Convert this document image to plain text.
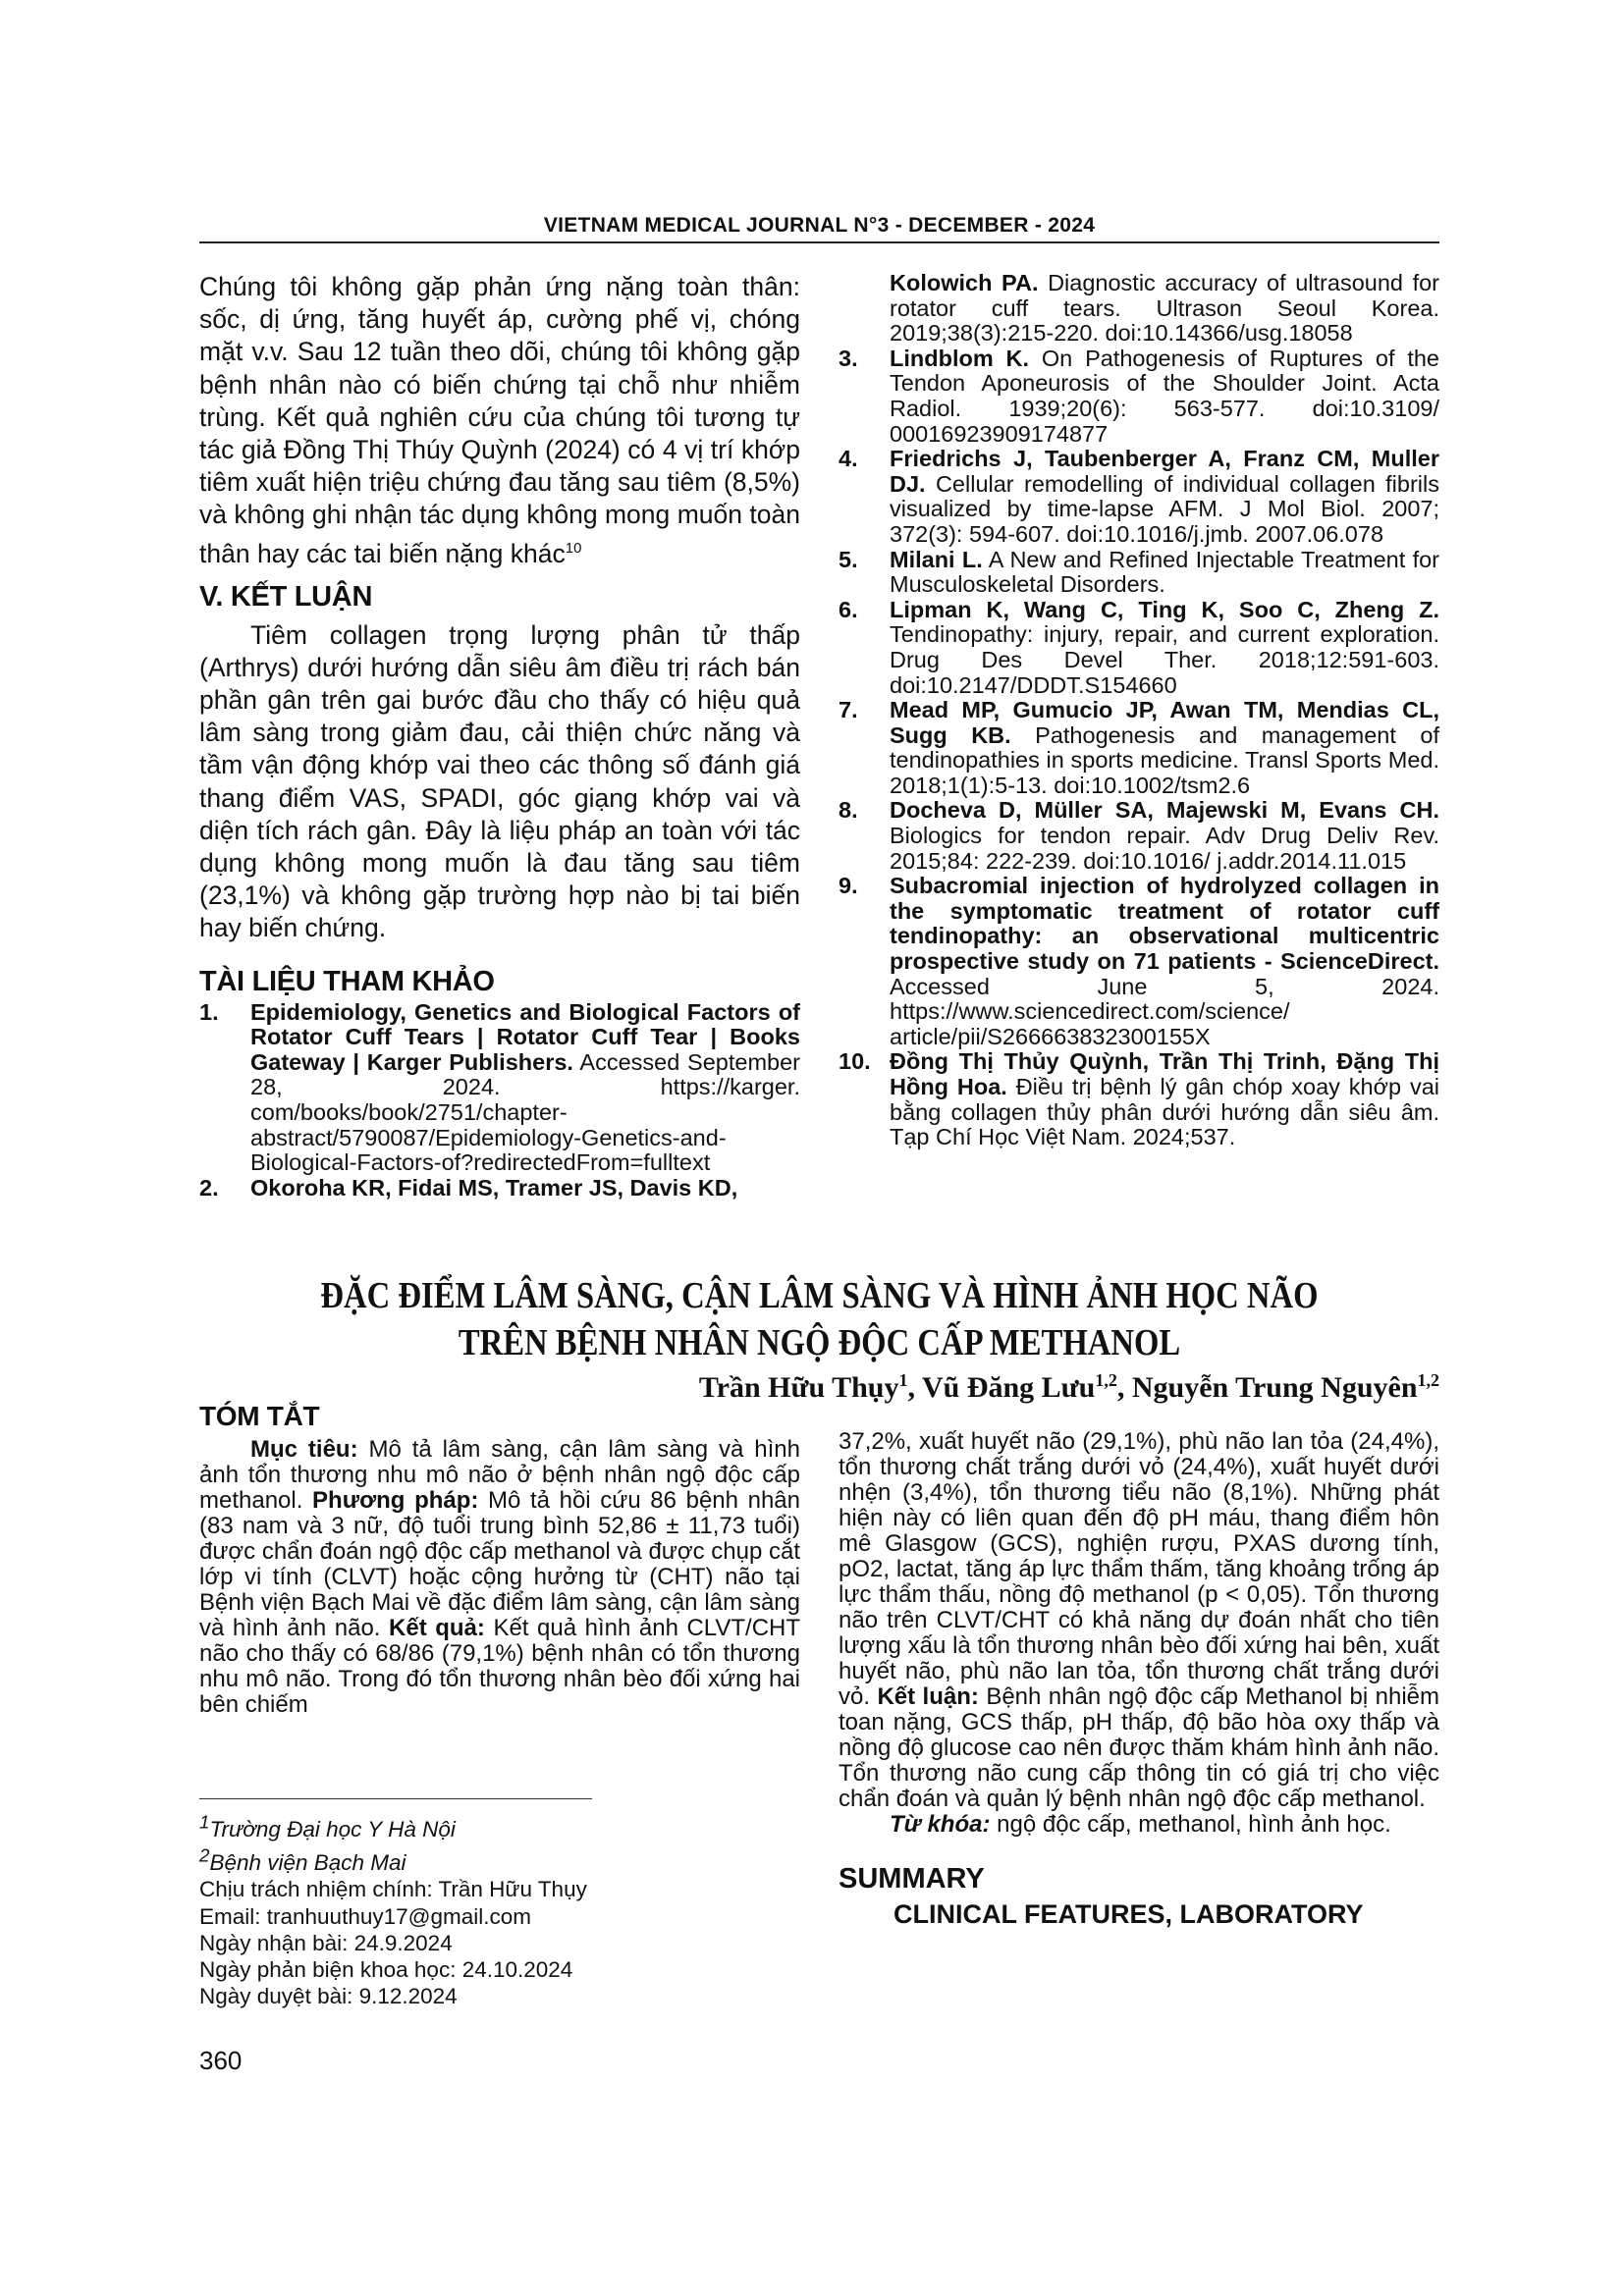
VIETNAM MEDICAL JOURNAL N°3 - DECEMBER - 2024

Chúng tôi không gặp phản ứng nặng toàn thân: sốc, dị ứng, tăng huyết áp, cường phế vị, chóng mặt v.v. Sau 12 tuần theo dõi, chúng tôi không gặp bệnh nhân nào có biến chứng tại chỗ như nhiễm trùng. Kết quả nghiên cứu của chúng tôi tương tự tác giả Đồng Thị Thúy Quỳnh (2024) có 4 vị trí khớp tiêm xuất hiện triệu chứng đau tăng sau tiêm (8,5%) và không ghi nhận tác dụng không mong muốn toàn thân hay các tai biến nặng khác$^{10}$

V. KẾT LUẬN

Tiêm collagen trọng lượng phân tử thấp (Arthrys) dưới hướng dẫn siêu âm điều trị rách bán phần gân trên gai bước đầu cho thấy có hiệu quả lâm sàng trong giảm đau, cải thiện chức năng và tầm vận động khớp vai theo các thông số đánh giá thang điểm VAS, SPADI, góc giạng khớp vai và diện tích rách gân. Đây là liệu pháp an toàn với tác dụng không mong muốn là đau tăng sau tiêm (23,1%) và không gặp trường hợp nào bị tai biến hay biến chứng.

TÀI LIỆU THAM KHẢO
1. Epidemiology, Genetics and Biological Factors of Rotator Cuff Tears | Rotator Cuff Tear | Books Gateway | Karger Publishers. Accessed September 28, 2024. https://karger. com/books/book/2751/chapter-abstract/5790087/Epidemiology-Genetics-and-Biological-Factors-of?redirectedFrom=fulltext
2. Okoroha KR, Fidai MS, Tramer JS, Davis KD,
Kolowich PA. Diagnostic accuracy of ultrasound for rotator cuff tears. Ultrason Seoul Korea. 2019;38(3):215-220. doi:10.14366/usg.18058
3. Lindblom K. On Pathogenesis of Ruptures of the Tendon Aponeurosis of the Shoulder Joint. Acta Radiol. 1939;20(6): 563-577. doi:10.3109/ 00016923909174877
4. Friedrichs J, Taubenberger A, Franz CM, Muller DJ. Cellular remodelling of individual collagen fibrils visualized by time-lapse AFM. J Mol Biol. 2007; 372(3): 594-607. doi:10.1016/j.jmb. 2007.06.078
5. Milani L. A New and Refined Injectable Treatment for Musculoskeletal Disorders.
6. Lipman K, Wang C, Ting K, Soo C, Zheng Z. Tendinopathy: injury, repair, and current exploration. Drug Des Devel Ther. 2018;12:591-603. doi:10.2147/DDDT.S154660
7. Mead MP, Gumucio JP, Awan TM, Mendias CL, Sugg KB. Pathogenesis and management of tendinopathies in sports medicine. Transl Sports Med. 2018;1(1):5-13. doi:10.1002/tsm2.6
8. Docheva D, Müller SA, Majewski M, Evans CH. Biologics for tendon repair. Adv Drug Deliv Rev. 2015;84: 222-239. doi:10.1016/ j.addr.2014.11.015
9. Subacromial injection of hydrolyzed collagen in the symptomatic treatment of rotator cuff tendinopathy: an observational multicentric prospective study on 71 patients - ScienceDirect. Accessed June 5, 2024. https://www.sciencedirect.com/science/ article/pii/S266663832300155X
10. Đồng Thị Thủy Quỳnh, Trần Thị Trinh, Đặng Thị Hồng Hoa. Điều trị bệnh lý gân chóp xoay khớp vai bằng collagen thủy phân dưới hướng dẫn siêu âm. Tạp Chí Học Việt Nam. 2024;537.
ĐẶC ĐIỂM LÂM SÀNG, CẬN LÂM SÀNG VÀ HÌNH ẢNH HỌC NÃO
TRÊN BỆNH NHÂN NGỘ ĐỘC CẤP METHANOL
Trần Hữu Thụy$^1$, Vũ Đăng Lưu$^{1,2}$, Nguyễn Trung Nguyên$^{1,2}$
TÓM TẮT

Mục tiêu: Mô tả lâm sàng, cận lâm sàng và hình ảnh tổn thương nhu mô não ở bệnh nhân ngộ độc cấp methanol. Phương pháp: Mô tả hồi cứu 86 bệnh nhân (83 nam và 3 nữ, độ tuổi trung bình 52,86 ± 11,73 tuổi) được chẩn đoán ngộ độc cấp methanol và được chụp cắt lớp vi tính (CLVT) hoặc cộng hưởng từ (CHT) não tại Bệnh viện Bạch Mai về đặc điểm lâm sàng, cận lâm sàng và hình ảnh não. Kết quả: Kết quả hình ảnh CLVT/CHT não cho thấy có 68/86 (79,1%) bệnh nhân có tổn thương nhu mô não. Trong đó tổn thương nhân bèo đối xứng hai bên chiếm

37,2%, xuất huyết não (29,1%), phù não lan tỏa (24,4%), tổn thương chất trắng dưới vỏ (24,4%), xuất huyết dưới nhện (3,4%), tổn thương tiểu não (8,1%). Những phát hiện này có liên quan đến độ pH máu, thang điểm hôn mê Glasgow (GCS), nghiện rượu, PXAS dương tính, pO2, lactat, tăng áp lực thẩm thấm, tăng khoảng trống áp lực thẩm thấu, nồng độ methanol (p < 0,05). Tổn thương não trên CLVT/CHT có khả năng dự đoán nhất cho tiên lượng xấu là tổn thương nhân bèo đối xứng hai bên, xuất huyết não, phù não lan tỏa, tổn thương chất trắng dưới vỏ. Kết luận: Bệnh nhân ngộ độc cấp Methanol bị nhiễm toan nặng, GCS thấp, pH thấp, độ bão hòa oxy thấp và nồng độ glucose cao nên được thăm khám hình ảnh não. Tổn thương não cung cấp thông tin có giá trị cho việc chẩn đoán và quản lý bệnh nhân ngộ độc cấp methanol.

Từ khóa: ngộ độc cấp, methanol, hình ảnh học.

SUMMARY
CLINICAL FEATURES, LABORATORY
$^1$Trường Đại học Y Hà Nội
$^2$Bệnh viện Bạch Mai
Chịu trách nhiệm chính: Trần Hữu Thụy
Email: tranhuuthuy17@gmail.com
Ngày nhận bài: 24.9.2024
Ngày phản biện khoa học: 24.10.2024
Ngày duyệt bài: 9.12.2024
360
